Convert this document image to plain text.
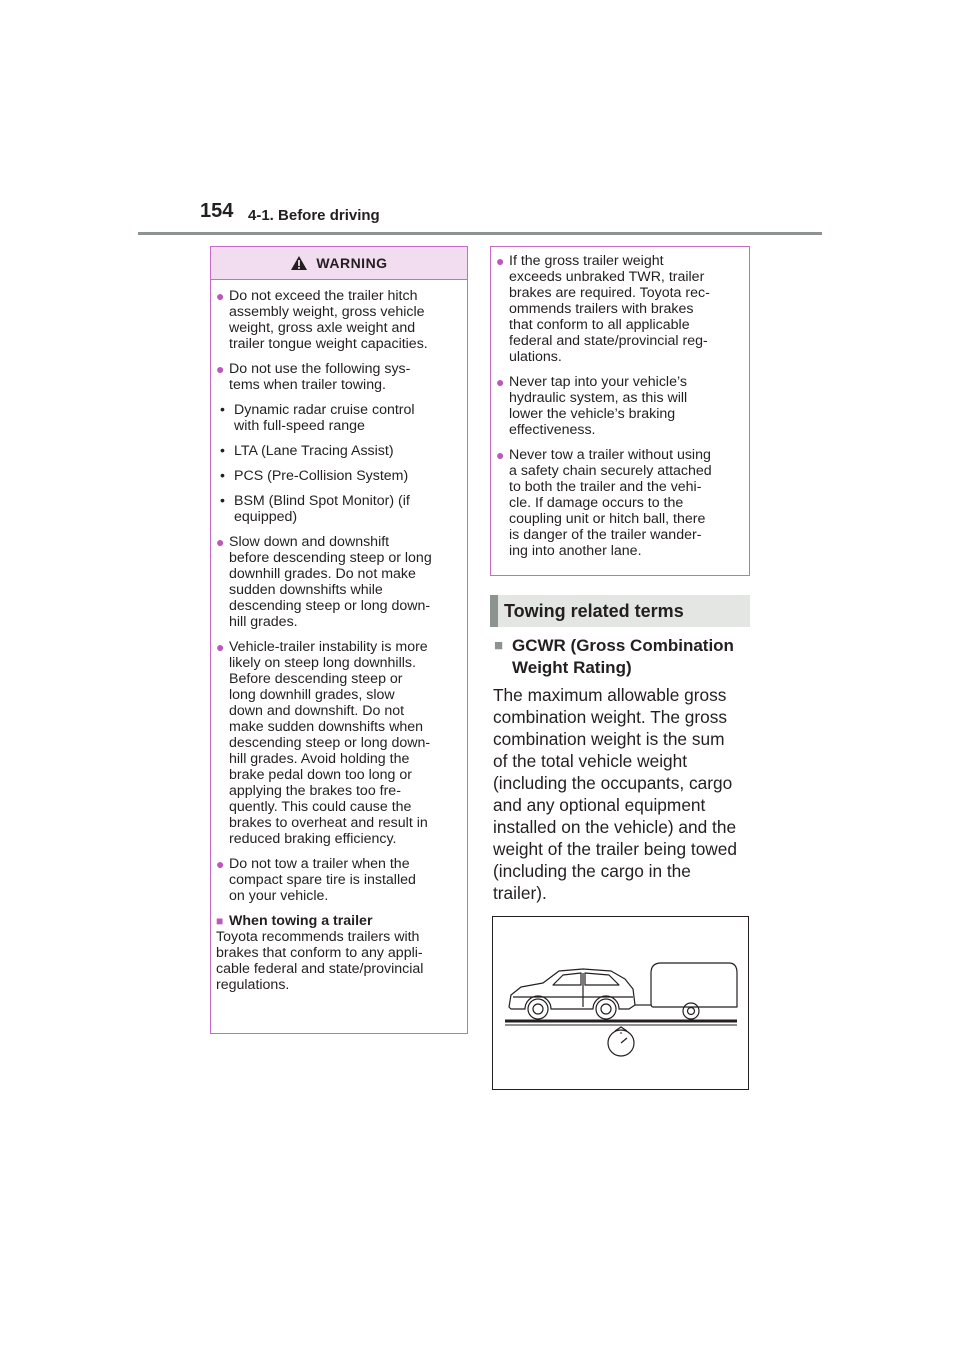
154 4-1. Before driving
WARNING
● Do not exceed the trailer hitch
assembly weight, gross vehicle
weight, gross axle weight and
trailer tongue weight capacities.
● Do not use the following sys-
tems when trailer towing.
• Dynamic radar cruise control
with full-speed range
• LTA (Lane Tracing Assist)
• PCS (Pre-Collision System)
• BSM (Blind Spot Monitor) (if
equipped)
● Slow down and downshift
before descending steep or long
downhill grades. Do not make
sudden downshifts while
descending steep or long down-
hill grades.
● Vehicle-trailer instability is more
likely on steep long downhills.
Before descending steep or
long downhill grades, slow
down and downshift. Do not
make sudden downshifts when
descending steep or long down-
hill grades. Avoid holding the
brake pedal down too long or
applying the brakes too fre-
quently. This could cause the
brakes to overheat and result in
reduced braking efficiency.
● Do not tow a trailer when the
compact spare tire is installed
on your vehicle.
■ When towing a trailer
Toyota recommends trailers with
brakes that conform to any appli-
cable federal and state/provincial
regulations.
● If the gross trailer weight
exceeds unbraked TWR, trailer
brakes are required. Toyota rec-
ommends trailers with brakes
that conform to all applicable
federal and state/provincial reg-
ulations.
● Never tap into your vehicle’s
hydraulic system, as this will
lower the vehicle’s braking
effectiveness.
● Never tow a trailer without using
a safety chain securely attached
to both the trailer and the vehi-
cle. If damage occurs to the
coupling unit or hitch ball, there
is danger of the trailer wander-
ing into another lane.
Towing related terms
■ GCWR (Gross Combination
Weight Rating)
The maximum allowable gross
combination weight. The gross
combination weight is the sum
of the total vehicle weight
(including the occupants, cargo
and any optional equipment
installed on the vehicle) and the
weight of the trailer being towed
(including the cargo in the
trailer).
